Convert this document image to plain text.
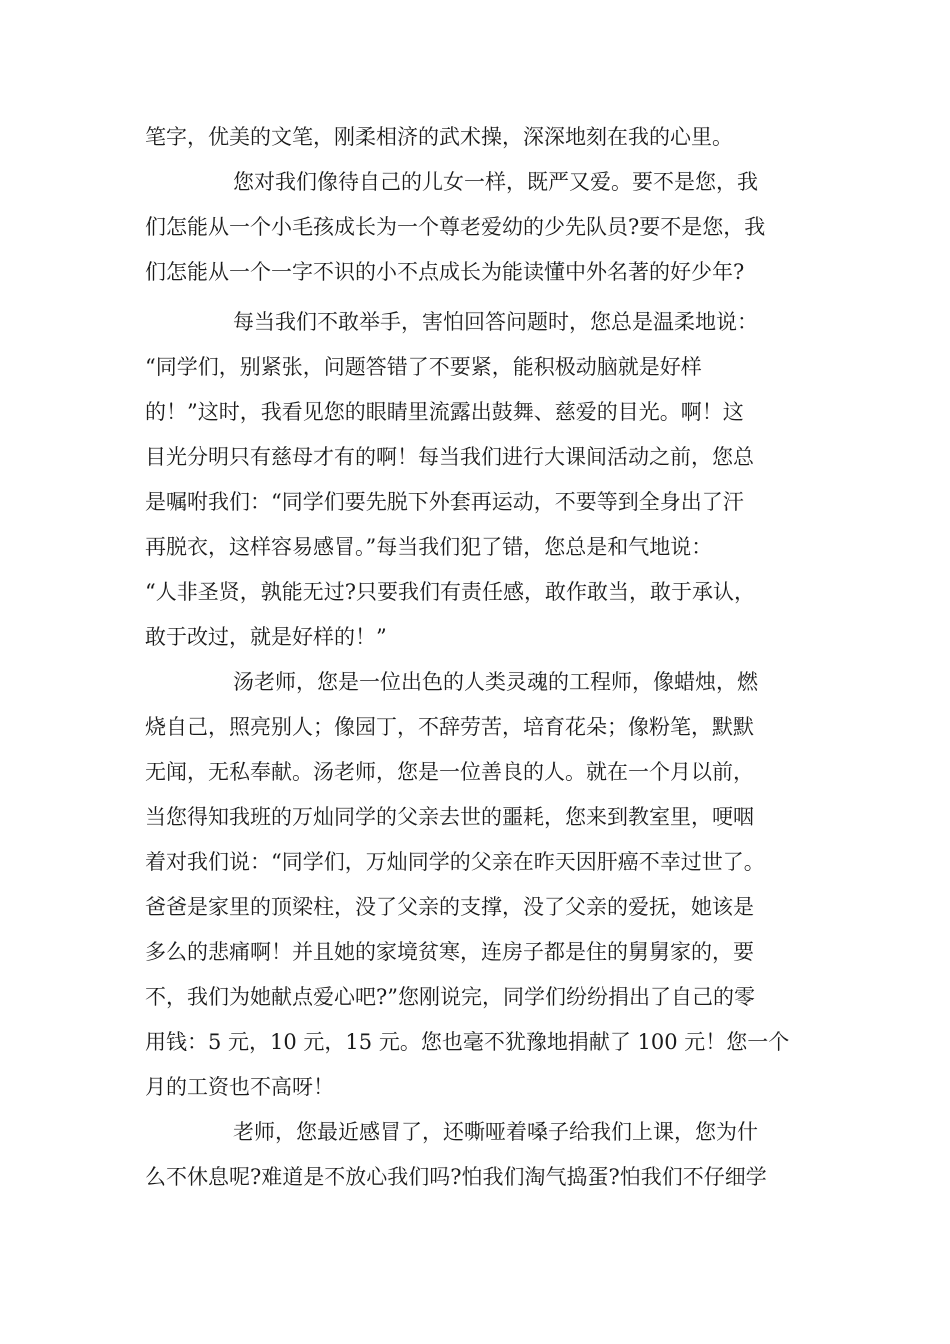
笔字，优美的文笔，刚柔相济的武术操，深深地刻在我的心里。
您对我们像待自己的儿女一样，既严又爱。要不是您，我
们怎能从一个小毛孩成长为一个尊老爱幼的少先队员?要不是您，我
们怎能从一个一字不识的小不点成长为能读懂中外名著的好少年?
每当我们不敢举手，害怕回答问题时，您总是温柔地说：
“同学们，别紧张，问题答错了不要紧，能积极动脑就是好样
的！”这时，我看见您的眼睛里流露出鼓舞、慈爱的目光。啊！这
目光分明只有慈母才有的啊！每当我们进行大课间活动之前，您总
是嘱咐我们：“同学们要先脱下外套再运动，不要等到全身出了汗
再脱衣，这样容易感冒。”每当我们犯了错，您总是和气地说：
“人非圣贤，孰能无过?只要我们有责任感，敢作敢当，敢于承认，
敢于改过，就是好样的！”
汤老师，您是一位出色的人类灵魂的工程师，像蜡烛，燃
烧自己，照亮别人；像园丁，不辞劳苦，培育花朵；像粉笔，默默
无闻，无私奉献。汤老师，您是一位善良的人。就在一个月以前，
当您得知我班的万灿同学的父亲去世的噩耗，您来到教室里，哽咽
着对我们说：“同学们，万灿同学的父亲在昨天因肝癌不幸过世了。
爸爸是家里的顶梁柱，没了父亲的支撑，没了父亲的爱抚，她该是
多么的悲痛啊！并且她的家境贫寒，连房子都是住的舅舅家的，要
不，我们为她献点爱心吧?”您刚说完，同学们纷纷捐出了自己的零
用钱：5 元，10 元，15 元。您也毫不犹豫地捐献了 100 元！您一个
月的工资也不高呀！
老师，您最近感冒了，还嘶哑着嗓子给我们上课，您为什
么不休息呢?难道是不放心我们吗?怕我们淘气捣蛋?怕我们不仔细学
